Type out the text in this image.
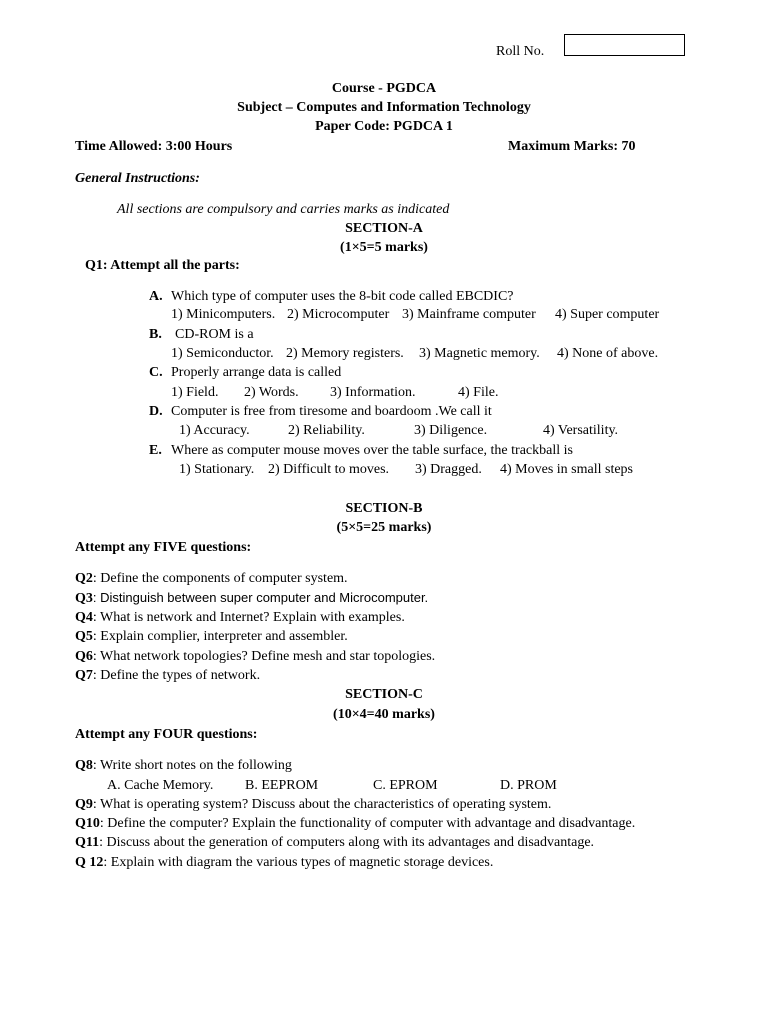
Roll No.
Course - PGDCA
Subject – Computes and Information Technology
Paper Code: PGDCA 1
Time Allowed: 3:00 Hours	Maximum Marks: 70
General Instructions:
All sections are compulsory and carries marks as indicated
SECTION-A
(1×5=5 marks)
Q1: Attempt all the parts:
A. Which type of computer uses the 8-bit code called EBCDIC?
1) Minicomputers. 2) Microcomputer 3) Mainframe computer 4) Super computer
B. CD-ROM is a
1) Semiconductor. 2) Memory registers. 3) Magnetic memory. 4) None of above.
C. Properly arrange data is called
1) Field. 2) Words. 3) Information.	4) File.
D. Computer is free from tiresome and boardoom .We call it
1) Accuracy.	2) Reliability.	3) Diligence.	4) Versatility.
E. Where as computer mouse moves over the table surface, the trackball is
1) Stationary. 2) Difficult to moves. 3) Dragged. 4) Moves in small steps
SECTION-B
(5×5=25 marks)
Attempt any FIVE questions:
Q2: Define the components of computer system.
Q3: Distinguish between super computer and Microcomputer.
Q4: What is network and Internet? Explain with examples.
Q5: Explain complier, interpreter and assembler.
Q6: What network topologies? Define mesh and star topologies.
Q7: Define the types of network.
SECTION-C
(10×4=40 marks)
Attempt any FOUR questions:
Q8: Write short notes on the following
A. Cache Memory. B. EEPROM	C. EPROM	D. PROM
Q9: What is operating system? Discuss about the characteristics of operating system.
Q10: Define the computer? Explain the functionality of computer with advantage and disadvantage.
Q11: Discuss about the generation of computers along with its advantages and disadvantage.
Q 12: Explain with diagram the various types of magnetic storage devices.
